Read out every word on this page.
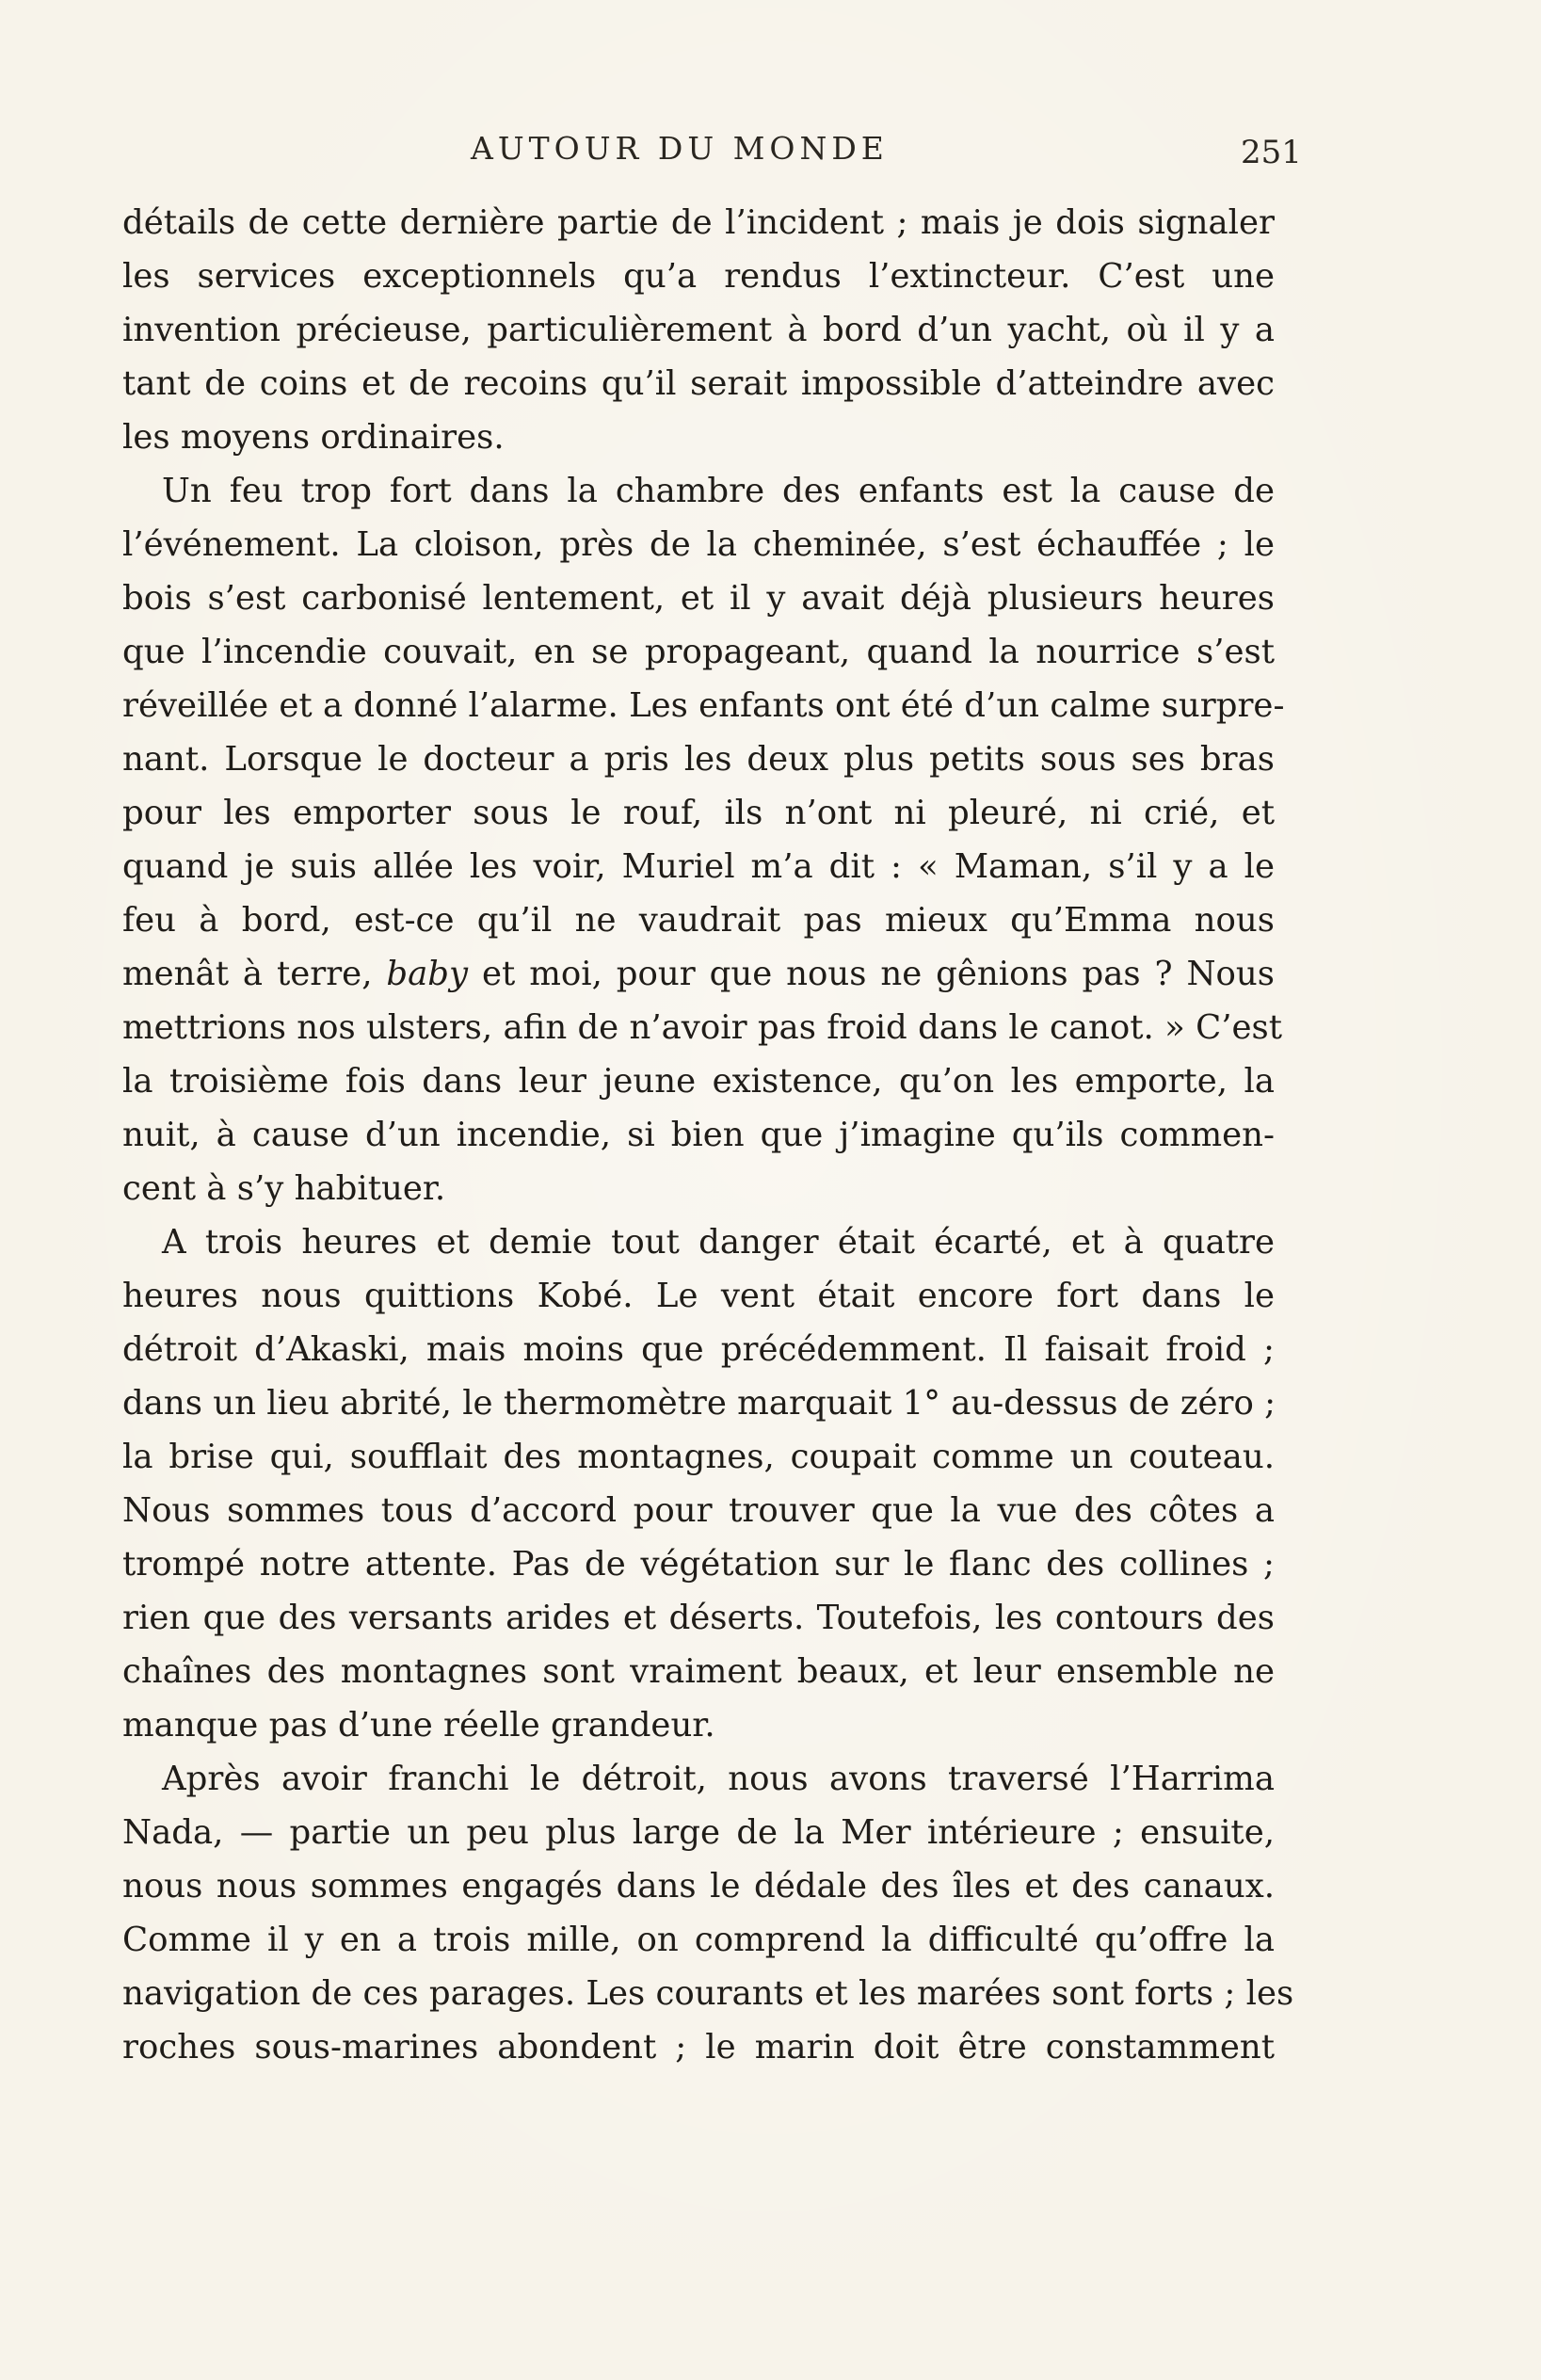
AUTOUR DU MONDE	251
détails de cette dernière partie de l’incident ; mais je dois signaler
les services exceptionnels qu’a rendus l’extincteur. C’est une
invention précieuse, particulièrement à bord d’un yacht, où il y a
tant de coins et de recoins qu’il serait impossible d’atteindre avec
les moyens ordinaires.
Un feu trop fort dans la chambre des enfants est la cause de
l’événement. La cloison, près de la cheminée, s’est échauffée ; le
bois s’est carbonisé lentement, et il y avait déjà plusieurs heures
que l’incendie couvait, en se propageant, quand la nourrice s’est
réveillée et a donné l’alarme. Les enfants ont été d’un calme surpre-
nant. Lorsque le docteur a pris les deux plus petits sous ses bras
pour les emporter sous le rouf, ils n’ont ni pleuré, ni crié, et
quand je suis allée les voir, Muriel m’a dit : « Maman, s’il y a le
feu à bord, est-ce qu’il ne vaudrait pas mieux qu’Emma nous
menât à terre, baby et moi, pour que nous ne gênions pas ? Nous
mettrions nos ulsters, afin de n’avoir pas froid dans le canot. » C’est
la troisième fois dans leur jeune existence, qu’on les emporte, la
nuit, à cause d’un incendie, si bien que j’imagine qu’ils commen-
cent à s’y habituer.
A trois heures et demie tout danger était écarté, et à quatre
heures nous quittions Kobé. Le vent était encore fort dans le
détroit d’Akaski, mais moins que précédemment. Il faisait froid ;
dans un lieu abrité, le thermomètre marquait 1° au-dessus de zéro ;
la brise qui, soufflait des montagnes, coupait comme un couteau.
Nous sommes tous d’accord pour trouver que la vue des côtes a
trompé notre attente. Pas de végétation sur le flanc des collines ;
rien que des versants arides et déserts. Toutefois, les contours des
chaînes des montagnes sont vraiment beaux, et leur ensemble ne
manque pas d’une réelle grandeur.
Après avoir franchi le détroit, nous avons traversé l’Harrima
Nada, — partie un peu plus large de la Mer intérieure ; ensuite,
nous nous sommes engagés dans le dédale des îles et des canaux.
Comme il y en a trois mille, on comprend la difficulté qu’offre la
navigation de ces parages. Les courants et les marées sont forts ; les
roches sous-marines abondent ; le marin doit être constamment
